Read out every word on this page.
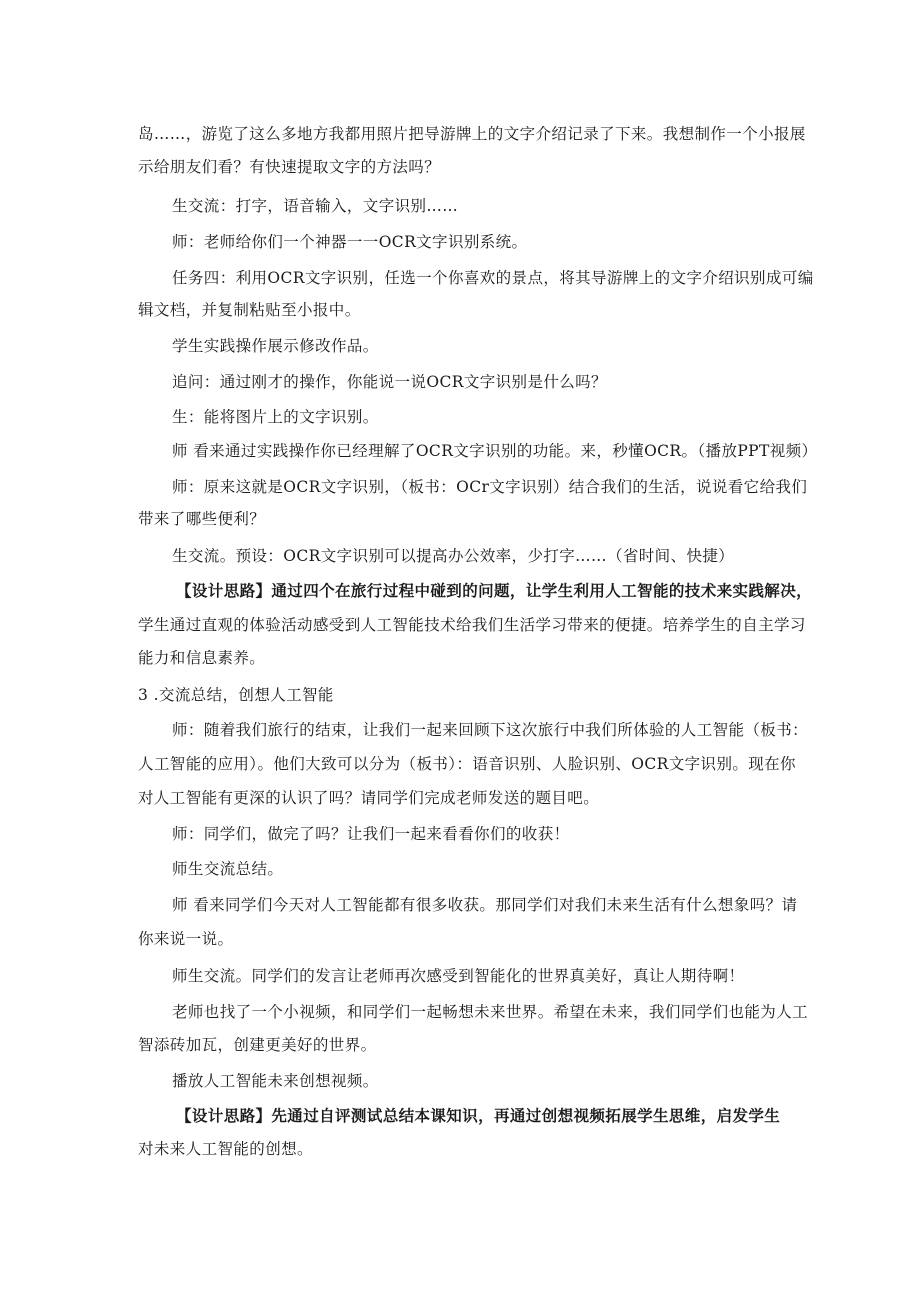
岛……，游览了这么多地方我都用照片把导游牌上的文字介绍记录了下来。我想制作一个小报展
示给朋友们看？有快速提取文字的方法吗？
生交流：打字，语音输入，文字识别……
师：老师给你们一个神器一一OCR文字识别系统。
任务四：利用OCR文字识别，任选一个你喜欢的景点，将其导游牌上的文字介绍识别成可编
辑文档，并复制粘贴至小报中。
学生实践操作展示修改作品。
追问：通过刚才的操作，你能说一说OCR文字识别是什么吗？
生：能将图片上的文字识别。
师 看来通过实践操作你已经理解了OCR文字识别的功能。来，秒懂OCR。（播放PPT视频）
师：原来这就是OCR文字识别，（板书：OCr文字识别）结合我们的生活，说说看它给我们
带来了哪些便利？
生交流。预设：OCR文字识别可以提高办公效率，少打字……（省时间、快捷）
【设计思路】通过四个在旅行过程中碰到的问题，让学生利用人工智能的技术来实践解决，
学生通过直观的体验活动感受到人工智能技术给我们生活学习带来的便捷。培养学生的自主学习
能力和信息素养。
3 .交流总结，创想人工智能
师：随着我们旅行的结束，让我们一起来回顾下这次旅行中我们所体验的人工智能（板书：
人工智能的应用）。他们大致可以分为（板书）：语音识别、人脸识别、OCR文字识别。现在你
对人工智能有更深的认识了吗？请同学们完成老师发送的题目吧。
师：同学们，做完了吗？让我们一起来看看你们的收获！
师生交流总结。
师 看来同学们今天对人工智能都有很多收获。那同学们对我们未来生活有什么想象吗？请
你来说一说。
师生交流。同学们的发言让老师再次感受到智能化的世界真美好，真让人期待啊！
老师也找了一个小视频，和同学们一起畅想未来世界。希望在未来，我们同学们也能为人工
智添砖加瓦，创建更美好的世界。
播放人工智能未来创想视频。
【设计思路】先通过自评测试总结本课知识，再通过创想视频拓展学生思维，启发学生
对未来人工智能的创想。
